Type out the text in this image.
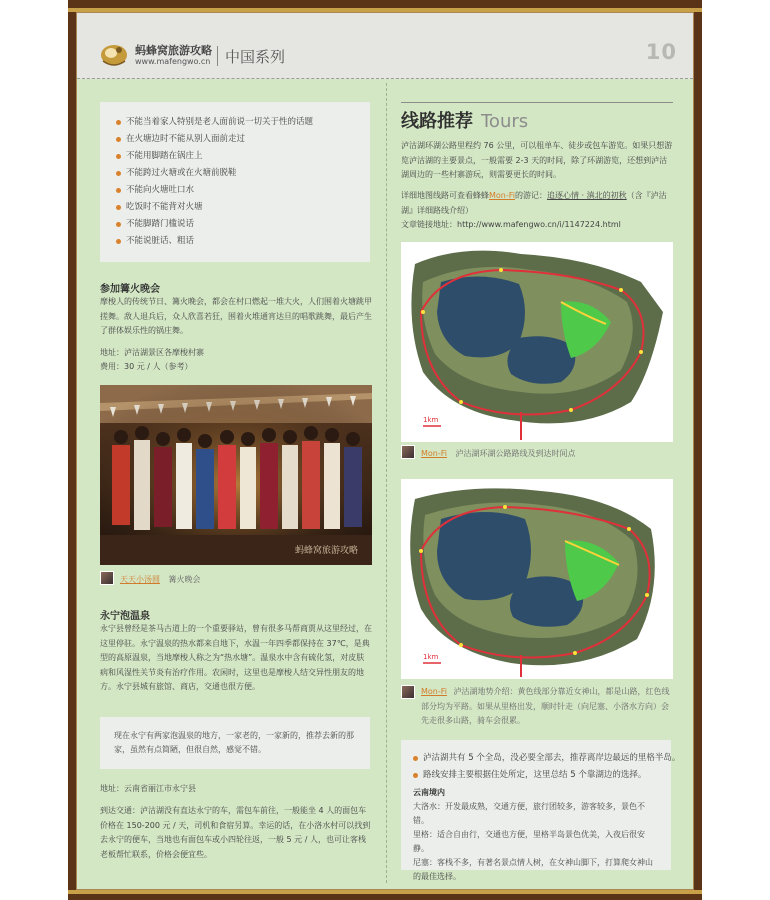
蚂蜂窝旅游攻略
www.mafengwo.cn 中国系列	10
不能当着家人特别是老人面前说一切关于性的话题
在火塘边时不能从别人面前走过
不能用脚踏在锅庄上
不能跨过火塘或在火塘前脱鞋
不能向火塘吐口水
吃饭时不能背对火塘
不能脚踏门槛说话
不能说脏话、粗话
参加篝火晚会
摩梭人的传统节日、篝火晚会，都会在村口燃起一堆大火，人们围着火塘跳甲搓舞。敌人退兵后，众人欣喜若狂，围着火堆通宵达旦的唱歌跳舞，最后产生了群体娱乐性的锅庄舞。
地址：泸沽湖景区各摩梭村寨
费用：30 元 / 人（参考）
蚂蜂窝旅游攻略
天天小汤圆 篝火晚会
永宁泡温泉
永宁县曾经是茶马古道上的一个重要驿站，曾有很多马帮商贾从这里经过，在这里停驻。永宁温泉的热水都来自地下，水温一年四季都保持在 37℃，是典型的高原温泉，当地摩梭人称之为“热水塘”。温泉水中含有硫化氢，对皮肤病和风湿性关节炎有治疗作用。农闲时，这里也是摩梭人结交异性朋友的地方。永宁县城有旅馆、商店，交通也很方便。
现在永宁有两家泡温泉的地方，一家老的，一家新的，推荐去新的那家，虽然有点简陋，但很自然，感觉不错。
地址：云南省丽江市永宁县
到达交通：泸沽湖没有直达永宁的车，需包车前往，一般能坐 4 人的面包车价格在 150-200 元 / 天，司机和食宿另算。幸运的话，在小洛水村可以找到去永宁的便车，当地也有面包车或小四轮往返，一般 5 元 / 人，也可让客栈老板帮忙联系，价格会便宜些。
线路推荐 Tours
泸沽湖环湖公路里程约 76 公里，可以租单车、徒步或包车游览。如果只想游览泸沽湖的主要景点，一般需要 2-3 天的时间，除了环湖游览，还想到泸沽湖周边的一些村寨游玩，则需要更长的时间。
详细地图线路可查看蜂蜂Mon-Fi的游记：追逐心情 · 滇北的初秋（含『泸沽湖』详细路线介绍）
文章链接地址：http://www.mafengwo.cn/i/1147224.html
1km
Mon-Fi 泸沽湖环湖公路路线及到达时间点
1km
Mon-Fi 泸沽湖地势介绍：黄色线部分靠近女神山，都是山路，红色线部分均为平路。如果从里格出发，顺时针走（向尼塞、小洛水方向）会先走很多山路，骑车会很累。
泸沽湖共有 5 个全岛，没必要全部去，推荐离岸边最远的里格半岛。
路线安排主要根据住处所定，这里总结 5 个靠湖边的选择。
云南境内
大洛水：开发最成熟，交通方便，旅行团较多，游客较多，景色不错。
里格：适合自由行，交通也方便，里格半岛景色优美，入夜后很安静。
尼塞：客栈不多，有著名景点情人树，在女神山脚下，打算爬女神山的最佳选择。
